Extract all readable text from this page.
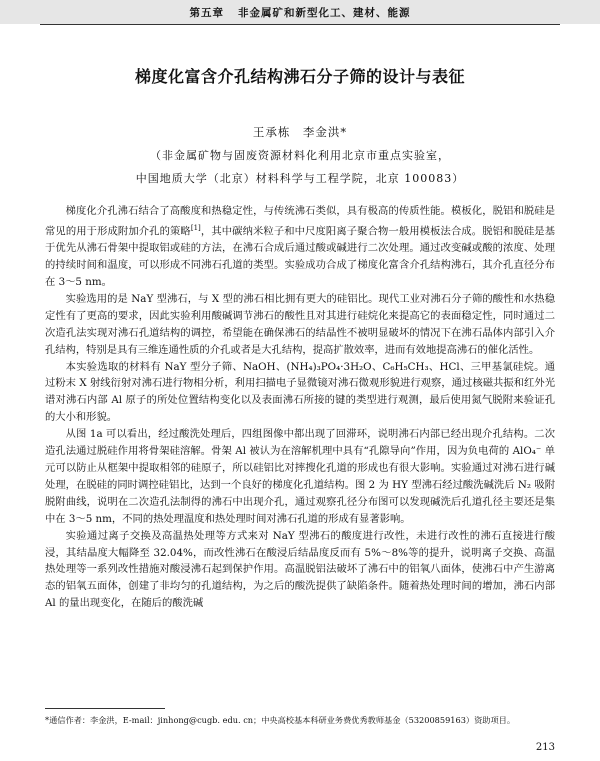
第五章 非金属矿和新型化工、建材、能源
梯度化富含介孔结构沸石分子筛的设计与表征
王承栋　李金洪*
（非金属矿物与固废资源材料化利用北京市重点实验室，
中国地质大学（北京）材料科学与工程学院，北京 100083）

梯度化介孔沸石结合了高酸度和热稳定性，与传统沸石类似，具有极高的传质性能。模板化，脱铝和脱硅是常见的用于形成附加介孔的策略[1]，其中碳纳米粒子和中尺度阳离子聚合物一般用模板法合成。脱铝和脱硅是基于优先从沸石骨架中提取铝或硅的方法，在沸石合成后通过酸或碱进行二次处理。通过改变碱或酸的浓度、处理的持续时间和温度，可以形成不同沸石孔道的类型。实验成功合成了梯度化富含介孔结构沸石，其介孔直径分布在 3～5 nm。

实验选用的是 NaY 型沸石，与 X 型的沸石相比拥有更大的硅铝比。现代工业对沸石分子筛的酸性和水热稳定性有了更高的要求，因此实验利用酸碱调节沸石的酸性且对其进行硅烷化来提高它的表面稳定性，同时通过二次造孔法实现对沸石孔道结构的调控，希望能在确保沸石的结晶性不被明显破坏的情况下在沸石晶体内部引入介孔结构，特别是具有三维连通性质的介孔或者是大孔结构，提高扩散效率，进而有效地提高沸石的催化活性。

本实验选取的材料有 NaY 型分子筛、NaOH、(NH₄)₃PO₄·3H₂O、C₆H₅CH₃、HCl、三甲基氯硅烷。通过粉末 X 射线衍射对沸石进行物相分析，利用扫描电子显微镜对沸石微观形貌进行观察，通过核磁共振和红外光谱对沸石内部 Al 原子的所处位置结构变化以及表面沸石所接的键的类型进行观测，最后使用氮气脱附来验证孔的大小和形貌。

从图 1a 可以看出，经过酸洗处理后，四组图像中都出现了回滞环，说明沸石内部已经出现介孔结构。二次造孔法通过脱硅作用将骨架硅溶解。骨架 Al 被认为在溶解机理中具有“孔隙导向”作用，因为负电荷的 AlO₄⁻ 单元可以防止从框架中提取相邻的硅原子，所以硅铝比对摔搜化孔道的形成也有很大影响。实验通过对沸石进行碱处理，在脱硅的同时调控硅铝比，达到一个良好的梯度化孔道结构。图 2 为 HY 型沸石经过酸洗碱洗后 N₂ 吸附脱附曲线，说明在二次造孔法制得的沸石中出现介孔，通过观察孔径分布图可以发现碱洗后孔道孔径主要还是集中在 3～5 nm，不同的热处理温度和热处理时间对沸石孔道的形成有显著影响。

实验通过离子交换及高温热处理等方式来对 NaY 型沸石的酸度进行改性，未进行改性的沸石直接进行酸浸，其结晶度大幅降至 32.04%，而改性沸石在酸浸后结晶度反而有 5%～8%等的提升，说明离子交换、高温热处理等一系列改性措施对酸浸沸石起到保护作用。高温脱铝法破坏了沸石中的铝氧八面体，使沸石中产生游离态的铝氧五面体，创建了非均匀的孔道结构，为之后的酸洗提供了缺陷条件。随着热处理时间的增加，沸石内部 Al 的量出现变化，在随后的酸洗碱

*通信作者：李金洪，E-mail：jinhong@cugb. edu. cn；中央高校基本科研业务费优秀教师基金（53200859163）资助项目。
213
